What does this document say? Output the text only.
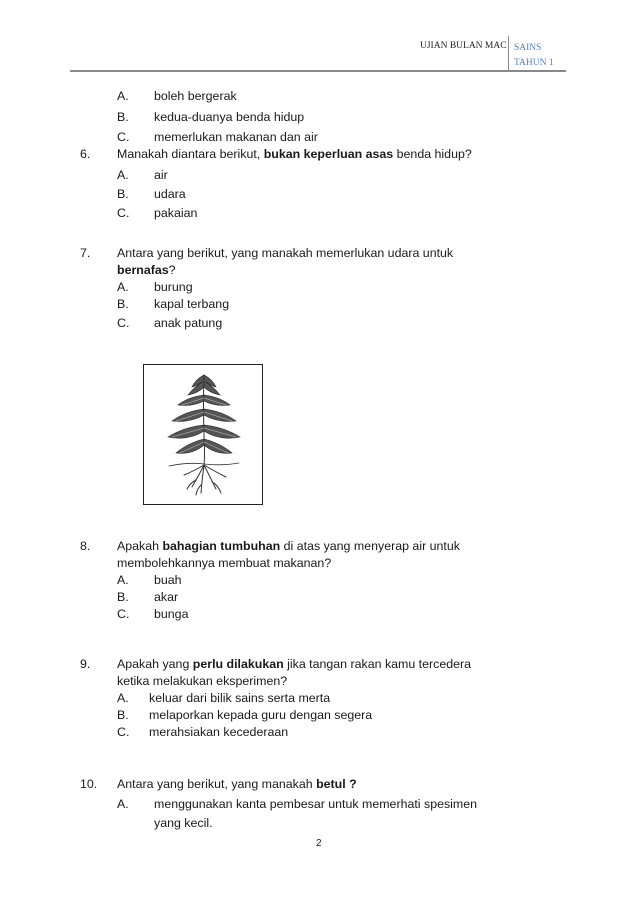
UJIAN BULAN MAC SAINS
TAHUN 1
A. boleh bergerak
B. kedua-duanya benda hidup
C. memerlukan makanan dan air
6. Manakah diantara berikut, bukan keperluan asas benda hidup?
A. air
B. udara
C. pakaian
7. Antara yang berikut, yang manakah memerlukan udara untuk
bernafas?
A. burung
B. kapal terbang
C. anak patung
8. Apakah bahagian tumbuhan di atas yang menyerap air untuk
membolehkannya membuat makanan?
A. buah
B. akar
C. bunga
9. Apakah yang perlu dilakukan jika tangan rakan kamu tercedera
ketika melakukan eksperimen?
A. keluar dari bilik sains serta merta
B. melaporkan kepada guru dengan segera
C. merahsiakan kecederaan
10. Antara yang berikut, yang manakah betul ?
A. menggunakan kanta pembesar untuk memerhati spesimen
yang kecil.
2
